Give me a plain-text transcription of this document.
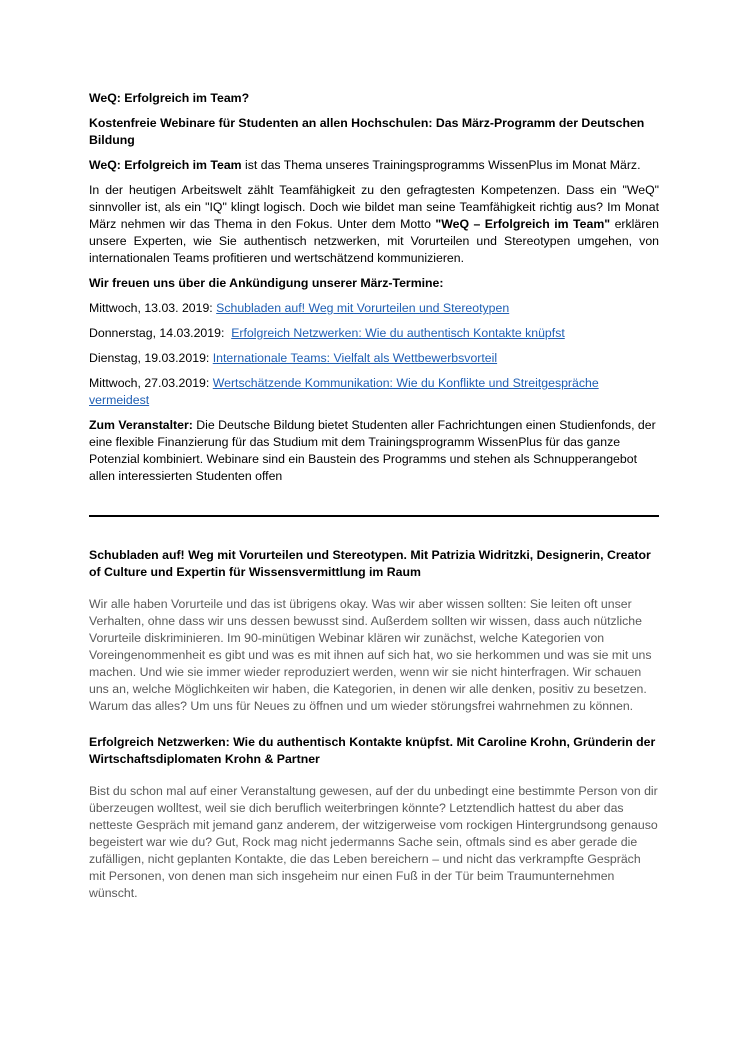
WeQ: Erfolgreich im Team?

Kostenfreie Webinare für Studenten an allen Hochschulen: Das März-Programm der Deutschen Bildung

WeQ: Erfolgreich im Team ist das Thema unseres Trainingsprogramms WissenPlus im Monat März.

In der heutigen Arbeitswelt zählt Teamfähigkeit zu den gefragtesten Kompetenzen. Dass ein "WeQ" sinnvoller ist, als ein "IQ" klingt logisch. Doch wie bildet man seine Teamfähigkeit richtig aus? Im Monat März nehmen wir das Thema in den Fokus. Unter dem Motto "WeQ – Erfolgreich im Team" erklären unsere Experten, wie Sie authentisch netzwerken, mit Vorurteilen und Stereotypen umgehen, von internationalen Teams profitieren und wertschätzend kommunizieren.

Wir freuen uns über die Ankündigung unserer März-Termine:

Mittwoch, 13.03. 2019: Schubladen auf! Weg mit Vorurteilen und Stereotypen

Donnerstag, 14.03.2019:  Erfolgreich Netzwerken: Wie du authentisch Kontakte knüpfst

Dienstag, 19.03.2019: Internationale Teams: Vielfalt als Wettbewerbsvorteil

Mittwoch, 27.03.2019: Wertschätzende Kommunikation: Wie du Konflikte und Streitgespräche vermeidest

Zum Veranstalter: Die Deutsche Bildung bietet Studenten aller Fachrichtungen einen Studienfonds, der eine flexible Finanzierung für das Studium mit dem Trainingsprogramm WissenPlus für das ganze Potenzial kombiniert. Webinare sind ein Baustein des Programms und stehen als Schnupperangebot allen interessierten Studenten offen

Schubladen auf! Weg mit Vorurteilen und Stereotypen. Mit Patrizia Widritzki, Designerin, Creator of Culture und Expertin für Wissensvermittlung im Raum

Wir alle haben Vorurteile und das ist übrigens okay. Was wir aber wissen sollten: Sie leiten oft unser Verhalten, ohne dass wir uns dessen bewusst sind. Außerdem sollten wir wissen, dass auch nützliche Vorurteile diskriminieren. Im 90-minütigen Webinar klären wir zunächst, welche Kategorien von Voreingenommenheit es gibt und was es mit ihnen auf sich hat, wo sie herkommen und was sie mit uns machen. Und wie sie immer wieder reproduziert werden, wenn wir sie nicht hinterfragen. Wir schauen uns an, welche Möglichkeiten wir haben, die Kategorien, in denen wir alle denken, positiv zu besetzen. Warum das alles? Um uns für Neues zu öffnen und um wieder störungsfrei wahrnehmen zu können.

Erfolgreich Netzwerken: Wie du authentisch Kontakte knüpfst. Mit Caroline Krohn, Gründerin der Wirtschaftsdiplomaten Krohn & Partner

Bist du schon mal auf einer Veranstaltung gewesen, auf der du unbedingt eine bestimmte Person von dir überzeugen wolltest, weil sie dich beruflich weiterbringen könnte? Letztendlich hattest du aber das netteste Gespräch mit jemand ganz anderem, der witzigerweise vom rockigen Hintergrundsong genauso begeistert war wie du? Gut, Rock mag nicht jedermanns Sache sein, oftmals sind es aber gerade die zufälligen, nicht geplanten Kontakte, die das Leben bereichern – und nicht das verkrampfte Gespräch mit Personen, von denen man sich insgeheim nur einen Fuß in der Tür beim Traumunternehmen wünscht.
